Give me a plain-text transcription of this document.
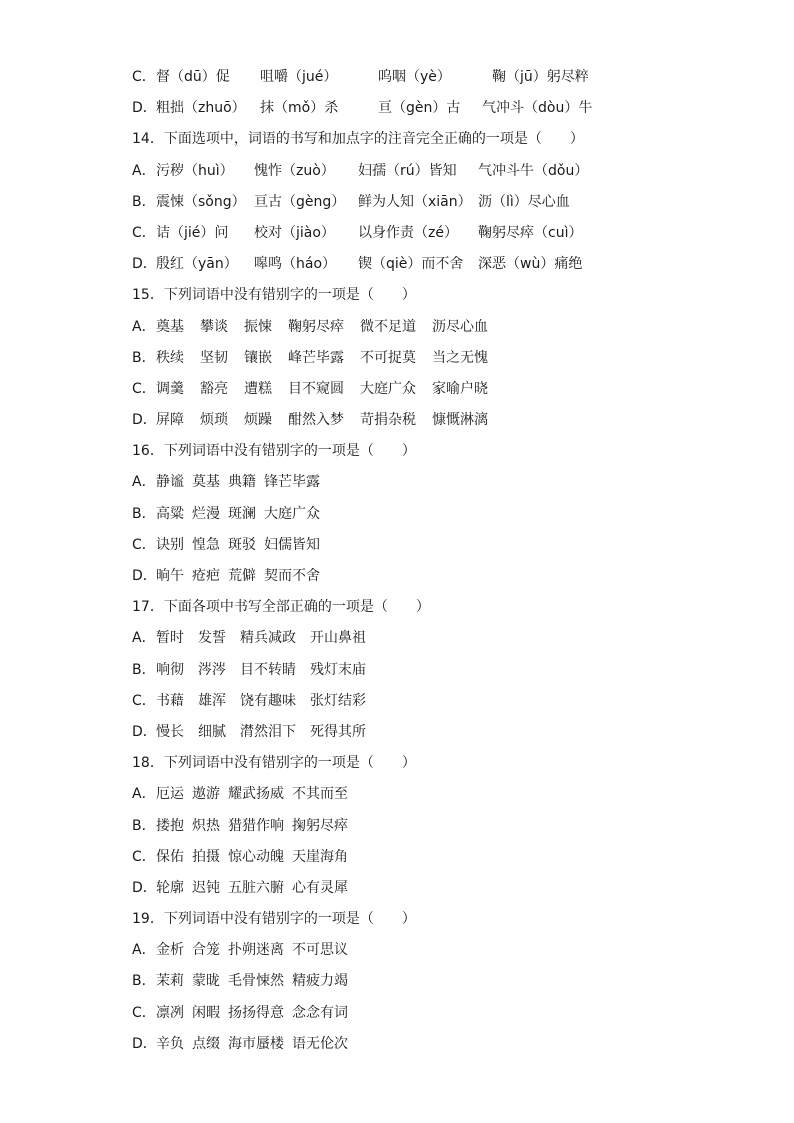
C． 督（dū）促	咀嚼（jué）	呜咽（yè）	鞠（jū）躬尽粹
D． 粗拙（zhuō）	抹（mǒ）杀	亘（gèn）古	气冲斗（dòu）牛
14．下面选项中，词语的书写和加点字的注音完全正确的一项是（　　）
A． 污秽（huì）	愧怍（zuò）	妇孺（rú）皆知	气冲斗牛（dǒu）
B． 震悚（sǒng） 亘古（gèng） 鲜为人知（xiān） 沥（lì）尽心血
C． 诘（jié）问	校对（jiào）	以身作责（zé）	鞠躬尽瘁（cuì）
D． 殷红（yān）	嗥鸣（háo）	锲（qiè）而不舍	深恶（wù）痛绝
15．下列词语中没有错别字的一项是（　　）
A． 奠基 攀谈 振悚 鞠躬尽瘁 微不足道 沥尽心血
B． 秩续 坚韧 镶嵌 峰芒毕露 不可捉莫 当之无愧
C． 调羹 豁亮 遭糕 目不窥圆 大庭广众 家喻户晓
D． 屏障 烦琐 烦躁 酣然入梦 苛捐杂税 慷慨淋漓
16．下列词语中没有错别字的一项是（　　）
A． 静谧 莫基 典籍 锋芒毕露
B． 高粱 烂漫 斑澜 大庭广众
C． 诀别 惶急 斑驳 妇儒皆知
D． 晌午 疮疤 荒僻 契而不舍
17．下面各项中书写全部正确的一项是（　　）
A． 暂时 发誓 精兵减政 开山鼻祖
B． 响彻 涔涔 目不转睛 残灯末庙
C． 书藉 雄浑 饶有趣味 张灯结彩
D． 慢长 细腻 潸然泪下 死得其所
18．下列词语中没有错别字的一项是（　　）
A． 厄运 遨游 耀武扬威 不其而至
B． 搂抱 炽热 猎猎作响 掬躬尽瘁
C． 保佑 拍摄 惊心动魄 天崖海角
D． 轮廓 迟钝 五脏六腑 心有灵犀
19．下列词语中没有错别字的一项是（　　）
A． 金析 合笼 扑朔迷离 不可思议
B． 茉莉 蒙昽 毛骨悚然 精疲力竭
C． 凛冽 闲暇 扬扬得意 念念有词
D． 辛负 点缀 海市蜃楼 语无伦次
